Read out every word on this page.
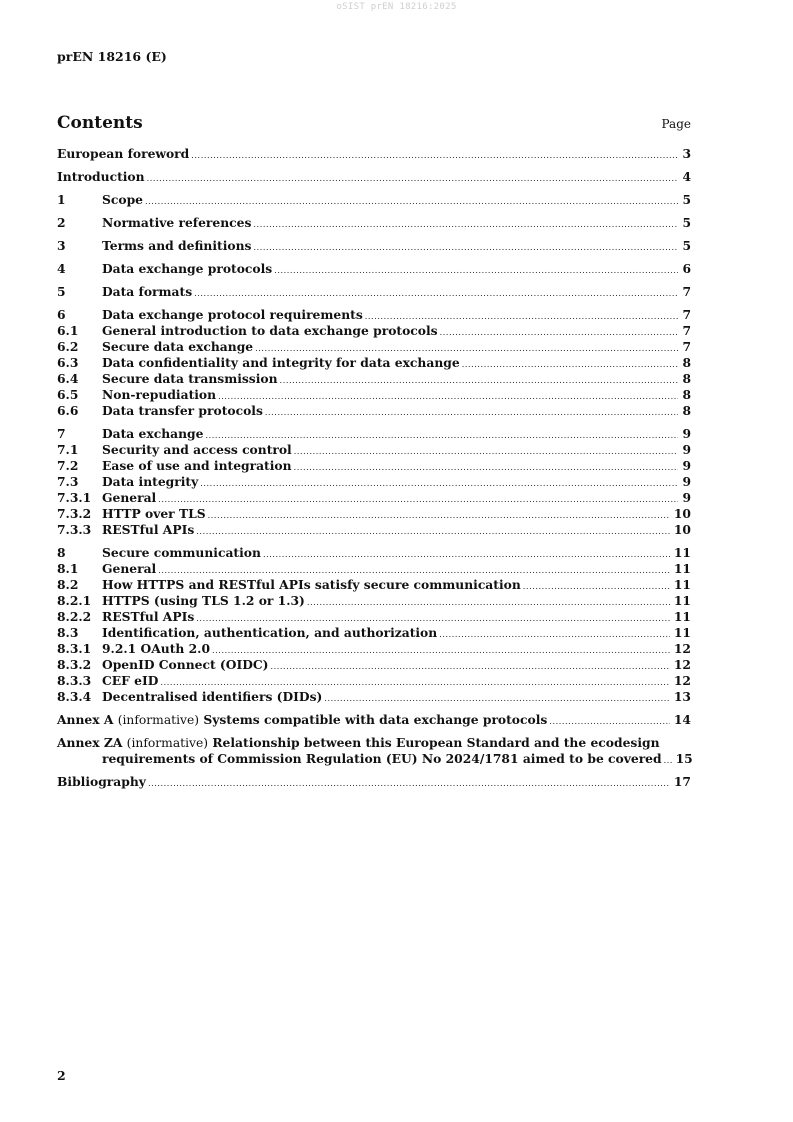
oSIST prEN 18216:2025
prEN 18216 (E)
Contents	Page
European foreword .....	3
Introduction .....	4
1	Scope .....	5
2	Normative references .....	5
3	Terms and definitions .....	5
4	Data exchange protocols .....	6
5	Data formats .....	7
6	Data exchange protocol requirements .....	7
6.1	General introduction to data exchange protocols .....	7
6.2	Secure data exchange .....	7
6.3	Data confidentiality and integrity for data exchange .....	8
6.4	Secure data transmission .....	8
6.5	Non-repudiation .....	8
6.6	Data transfer protocols .....	8
7	Data exchange .....	9
7.1	Security and access control .....	9
7.2	Ease of use and integration .....	9
7.3	Data integrity .....	9
7.3.1 General .....	9
7.3.2 HTTP over TLS .....	10
7.3.3 RESTful APIs .....	10
8	Secure communication .....	11
8.1	General .....	11
8.2	How HTTPS and RESTful APIs satisfy secure communication .....	11
8.2.1 HTTPS (using TLS 1.2 or 1.3) .....	11
8.2.2 RESTful APIs .....	11
8.3	Identification, authentication, and authorization .....	11
8.3.1 9.2.1 OAuth 2.0 .....	12
8.3.2 OpenID Connect (OIDC) .....	12
8.3.3 CEF eID .....	12
8.3.4 Decentralised identifiers (DIDs) .....	13
Annex A (informative) Systems compatible with data exchange protocols .....	14
Annex ZA (informative) Relationship between this European Standard and the ecodesign
requirements of Commission Regulation (EU) No 2024/1781 aimed to be covered ..... 15
Bibliography .....	17
2
